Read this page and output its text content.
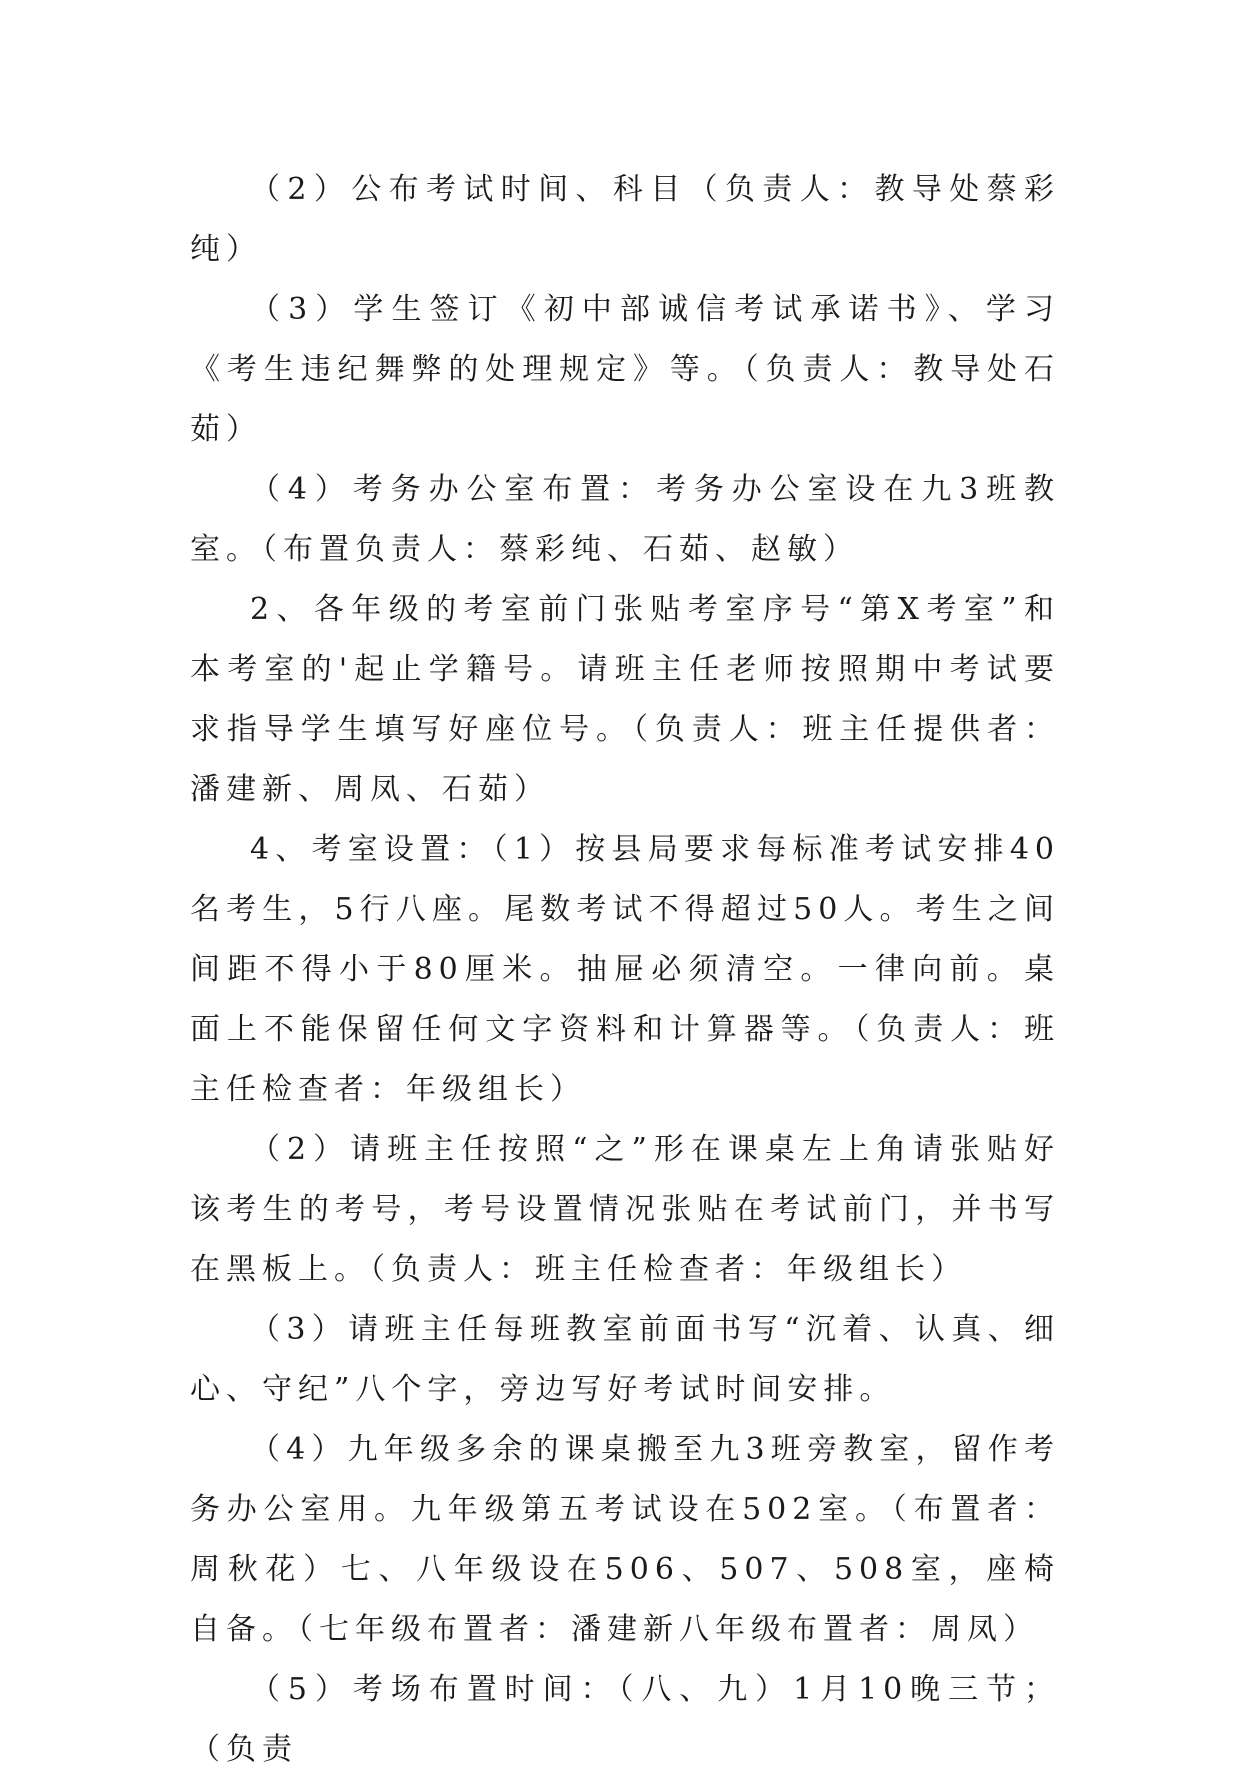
（2）公布考试时间、科目（负责人：教导处蔡彩纯）

（3）学生签订《初中部诚信考试承诺书》、学习《考生违纪舞弊的处理规定》等。（负责人：教导处石茹）

（4）考务办公室布置：考务办公室设在九3班教室。（布置负责人：蔡彩纯、石茹、赵敏）

2、各年级的考室前门张贴考室序号“第X考室”和本考室的'起止学籍号。请班主任老师按照期中考试要求指导学生填写好座位号。（负责人：班主任提供者：潘建新、周凤、石茹）

4、考室设置：（1）按县局要求每标准考试安排40名考生，5行八座。尾数考试不得超过50人。考生之间间距不得小于80厘米。抽屉必须清空。一律向前。桌面上不能保留任何文字资料和计算器等。（负责人：班主任检查者：年级组长）

（2）请班主任按照“之”形在课桌左上角请张贴好该考生的考号，考号设置情况张贴在考试前门，并书写在黑板上。（负责人：班主任检查者：年级组长）

（3）请班主任每班教室前面书写“沉着、认真、细心、守纪”八个字，旁边写好考试时间安排。

（4）九年级多余的课桌搬至九3班旁教室，留作考务办公室用。九年级第五考试设在502室。（布置者：周秋花）七、八年级设在506、507、508室，座椅自备。（七年级布置者：潘建新八年级布置者：周凤）

（5）考场布置时间：（八、九）1月10晚三节；（负责
